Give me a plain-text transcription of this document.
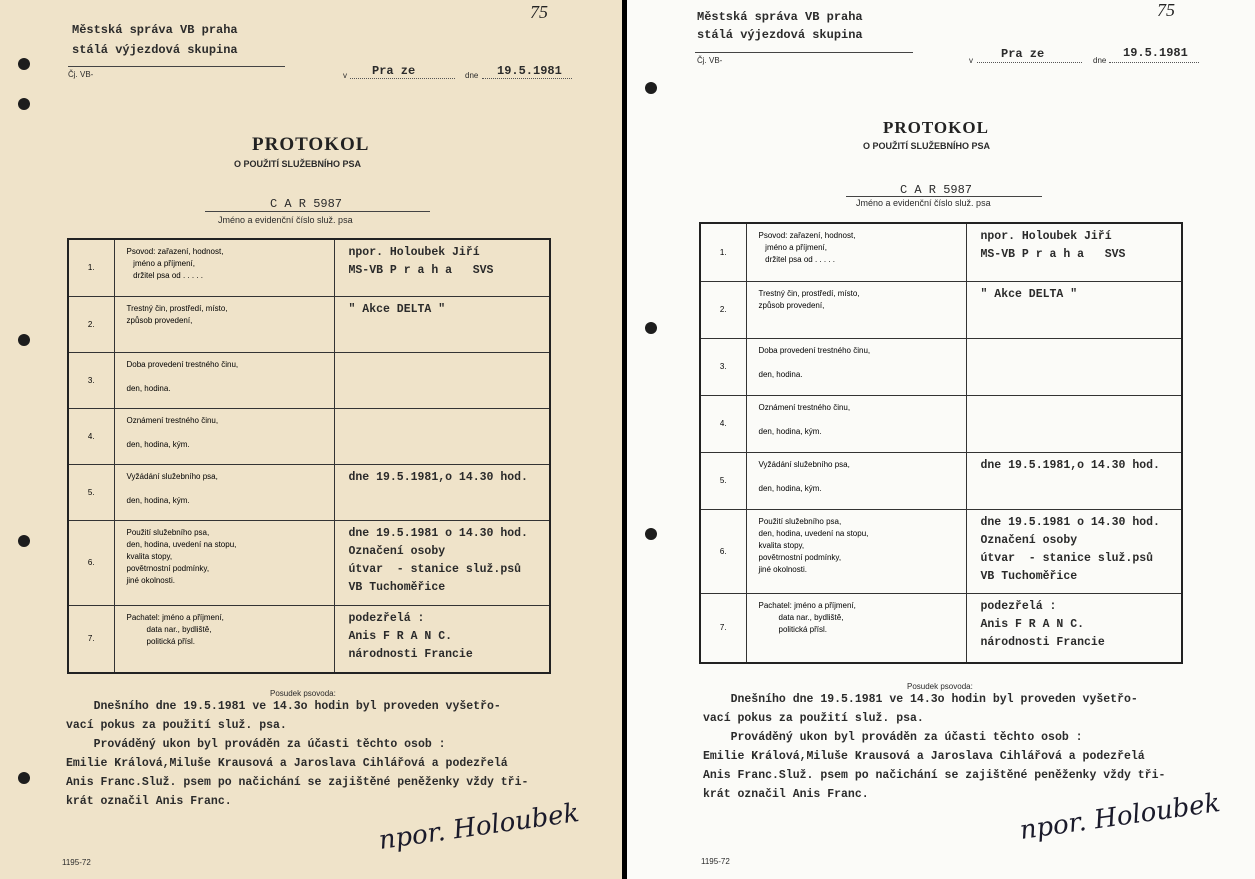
Městská správa VB praha
stálá výjezdová skupina
Čj. VB-	v Pra ze	dne 19.5.1981
75
PROTOKOL
O POUŽITÍ SLUŽEBNÍHO PSA
C A R 5987
Jméno a evidenční číslo služ. psa
1.	Psovod: zařazení, hodnost,
jméno a příjmení,
držitel psa od . . . . .	npor. Holoubek Jiří
MS-VB P r a h a   SVS
2.	Trestný čin, prostředí, místo,
způsob provedení,	" Akce DELTA "
3.	Doba provedení trestného činu,

den, hodina.	
4.	Oznámení trestného činu,

den, hodina, kým.	
5.	Vyžádání služebního psa,

den, hodina, kým.	dne 19.5.1981,o 14.30 hod.
6.	Použití služebního psa,
den, hodina, uvedení na stopu,
kvalita stopy,
povětrnostní podmínky,
jiné okolnosti.	dne 19.5.1981 o 14.30 hod.
Označení osoby
útvar  - stanice služ.psů
VB Tuchoměřice
7.	Pachatel: jméno a příjmení,
data nar., bydliště,
politická přísl.	podezřelá :
Anis F R A N C.
národnosti Francie
Posudek psovoda:
Dnešního dne 19.5.1981 ve 14.3o hodin byl proveden vyšetřo-
vací pokus za použití služ. psa.
Prováděný ukon byl prováděn za účasti těchto osob :
Emilie Králová,Miluše Krausová a Jaroslava Cihlářová a podezřelá
Anis Franc.Služ. psem po načichání se zajištěné peněženky vždy tři-
krát označil Anis Franc.	npor. Holoubek
1195-72
Městská správa VB praha
stálá výjezdová skupina
Čj. VB-	v Pra ze	dne
19.5.1981
75
PROTOKOL
O POUŽITÍ SLUŽEBNÍHO PSA
C A R 5987
Jméno a evidenční číslo služ. psa
1.	Psovod: zařazení, hodnost,
jméno a příjmení,
držitel psa od . . . . .	npor. Holoubek Jiří
MS-VB P r a h a   SVS
2.	Trestný čin, prostředí, místo,
způsob provedení,	" Akce DELTA "
3.	Doba provedení trestného činu,

den, hodina.	
4.	Oznámení trestného činu,

den, hodina, kým.	
5.	Vyžádání služebního psa,

den, hodina, kým.	dne 19.5.1981,o 14.30 hod.
6.	Použití služebního psa,
den, hodina, uvedení na stopu,
kvalita stopy,
povětrnostní podmínky,
jiné okolnosti.	dne 19.5.1981 o 14.30 hod.
Označení osoby
útvar  - stanice služ.psů
VB Tuchoměřice
7.	Pachatel: jméno a příjmení,
data nar., bydliště,
politická přísl.	podezřelá :
Anis F R A N C.
národnosti Francie
Posudek psovoda:
Dnešního dne 19.5.1981 ve 14.3o hodin byl proveden vyšetřo-
vací pokus za použití služ. psa.
Prováděný ukon byl prováděn za účasti těchto osob :
Emilie Králová,Miluše Krausová a Jaroslava Cihlářová a podezřelá
Anis Franc.Služ. psem po načichání se zajištěné peněženky vždy tři-
krát označil Anis Franc.	npor. Holoubek
1195-72
